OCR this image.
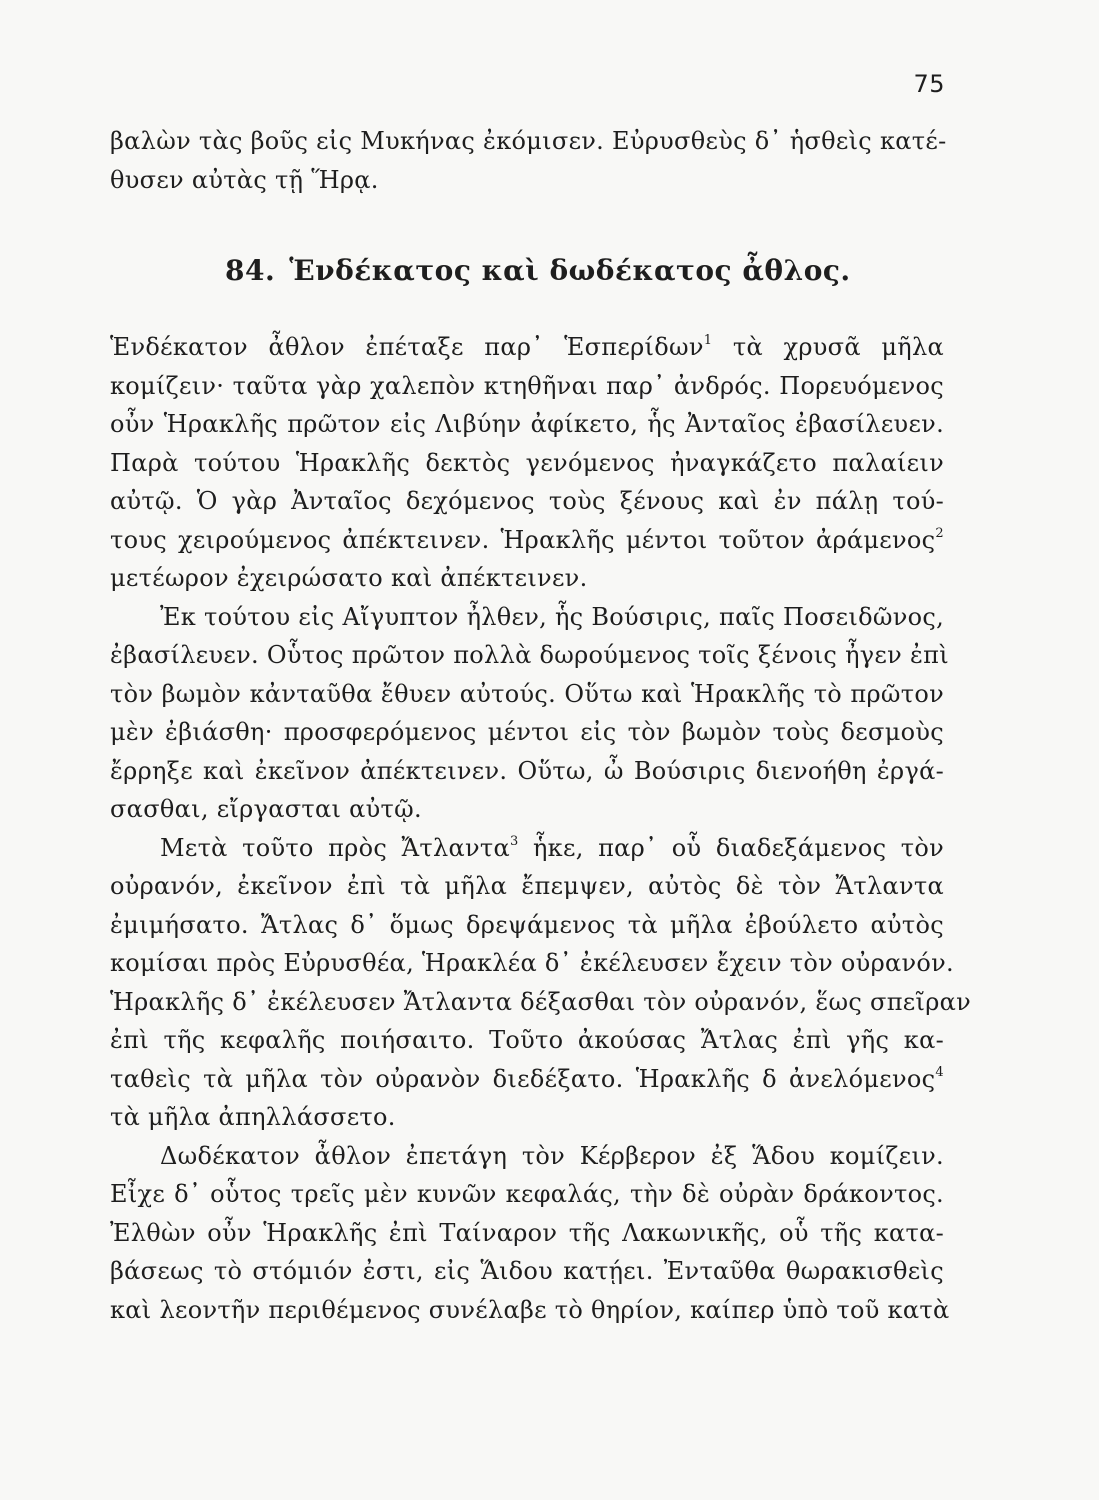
75
βαλὼν τὰς βοῦς εἰς Μυκήνας ἐκόμισεν. Εὐρυσθεὺς δ᾽ ἡσθεὶς κατέ-
θυσεν αὐτὰς τῇ Ἥρᾳ.
84. Ἑνδέκατος καὶ δωδέκατος ἆθλος.
Ἑνδέκατον ἆθλον ἐπέταξε παρ᾽ Ἑσπερίδων$^1$ τὰ χρυσᾶ μῆλα
κομίζειν· ταῦτα γὰρ χαλεπὸν κτηθῆναι παρ᾽ ἀνδρός. Πορευόμενος
οὖν Ἡρακλῆς πρῶτον εἰς Λιβύην ἀφίκετο, ἧς Ἀνταῖος ἐβασίλευεν.
Παρὰ τούτου Ἡρακλῆς δεκτὸς γενόμενος ἠναγκάζετο παλαίειν
αὐτῷ. Ὁ γὰρ Ἀνταῖος δεχόμενος τοὺς ξένους καὶ ἐν πάλῃ τού-
τους χειρούμενος ἀπέκτεινεν. Ἡρακλῆς μέντοι τοῦτον ἀράμενος$^2$
μετέωρον ἐχειρώσατο καὶ ἀπέκτεινεν.
Ἐκ τούτου εἰς Αἴγυπτον ἦλθεν, ἧς Βούσιρις, παῖς Ποσειδῶνος,
ἐβασίλευεν. Οὗτος πρῶτον πολλὰ δωρούμενος τοῖς ξένοις ἦγεν ἐπὶ
τὸν βωμὸν κἀνταῦθα ἔθυεν αὐτούς. Οὕτω καὶ Ἡρακλῆς τὸ πρῶτον
μὲν ἐβιάσθη· προσφερόμενος μέντοι εἰς τὸν βωμὸν τοὺς δεσμοὺς
ἔρρηξε καὶ ἐκεῖνον ἀπέκτεινεν. Οὕτω, ὦ Βούσιρις διενοήθη ἐργά-
σασθαι, εἴργασται αὐτῷ.
Μετὰ τοῦτο πρὸς Ἄτλαντα$^3$ ἧκε, παρ᾽ οὗ διαδεξάμενος τὸν
οὐρανόν, ἐκεῖνον ἐπὶ τὰ μῆλα ἔπεμψεν, αὐτὸς δὲ τὸν Ἄτλαντα
ἐμιμήσατο. Ἄτλας δ᾽ ὅμως δρεψάμενος τὰ μῆλα ἐβούλετο αὐτὸς
κομίσαι πρὸς Εὐρυσθέα, Ἡρακλέα δ᾽ ἐκέλευσεν ἔχειν τὸν οὐρανόν.
Ἡρακλῆς δ᾽ ἐκέλευσεν Ἄτλαντα δέξασθαι τὸν οὐρανόν, ἕως σπεῖραν
ἐπὶ τῆς κεφαλῆς ποιήσαιτο. Τοῦτο ἀκούσας Ἄτλας ἐπὶ γῆς κα-
ταθεὶς τὰ μῆλα τὸν οὐρανὸν διεδέξατο. Ἡρακλῆς δ ἀνελόμενος$^4$
τὰ μῆλα ἀπηλλάσσετο.
Δωδέκατον ἆθλον ἐπετάγη τὸν Κέρβερον ἐξ Ἅδου κομίζειν.
Εἶχε δ᾽ οὗτος τρεῖς μὲν κυνῶν κεφαλάς, τὴν δὲ οὐρὰν δράκοντος.
Ἐλθὼν οὖν Ἡρακλῆς ἐπὶ Ταίναρον τῆς Λακωνικῆς, οὗ τῆς κατα-
βάσεως τὸ στόμιόν ἐστι, εἰς Ἅιδου κατῄει. Ἐνταῦθα θωρακισθεὶς
καὶ λεοντῆν περιθέμενος συνέλαβε τὸ θηρίον, καίπερ ὑπὸ τοῦ κατὰ
